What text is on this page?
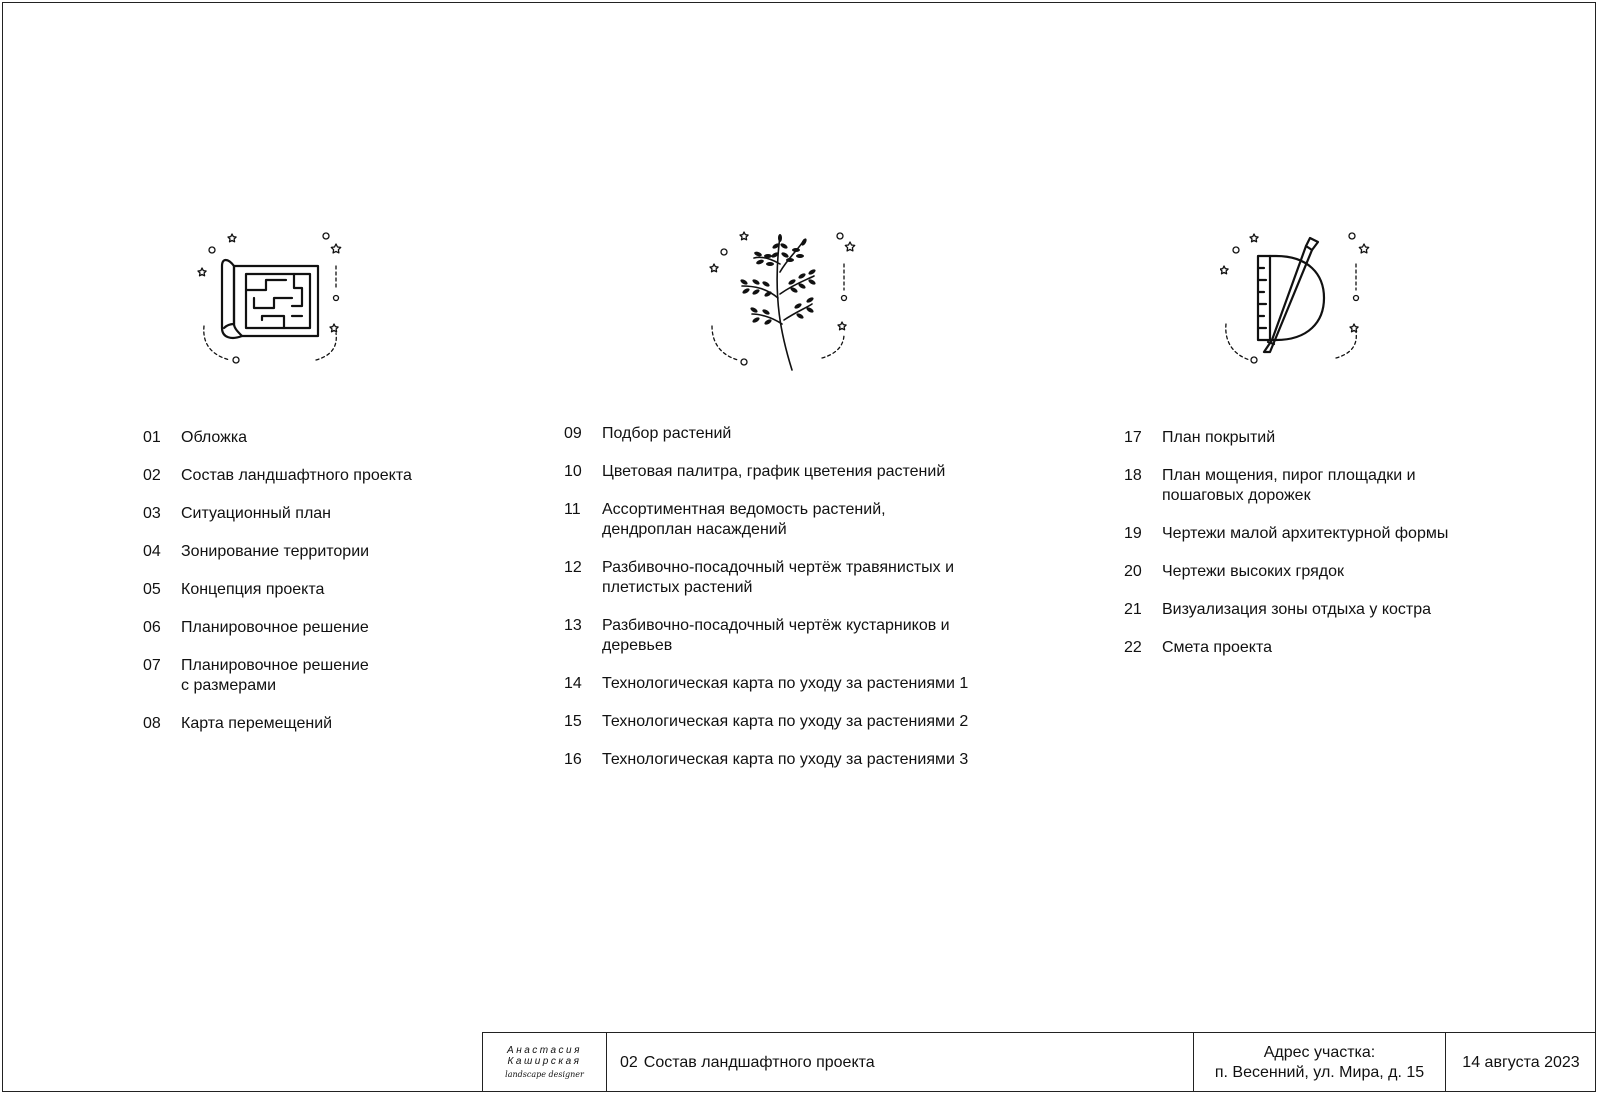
01	Обложка
02	Состав ландшафтного проекта
03	Ситуационный план
04	Зонирование территории
05	Концепция проекта
06	Планировочное решение
07	Планировочное решение
с размерами
08	Карта перемещений
09	Подбор растений
10	Цветовая палитра, график цветения растений
11	Ассортиментная ведомость растений,
дендроплан насаждений
12	Разбивочно-посадочный чертёж травянистых и
плетистых растений
13	Разбивочно-посадочный чертёж кустарников и
деревьев
14	Технологическая карта по уходу за растениями 1
15	Технологическая карта по уходу за растениями 2
16	Технологическая карта по уходу за растениями 3
17	План покрытий
18	План мощения, пирог площадки и
пошаговых дорожек
19	Чертежи малой архитектурной формы
20	Чертежи высоких грядок
21	Визуализация зоны отдыха у костра
22	Смета проекта
Анастасия
Каширская
landscape designer
02 Состав ландшафтного проекта
Адрес участка:
п. Весенний, ул. Мира, д. 15
14 августа 2023
